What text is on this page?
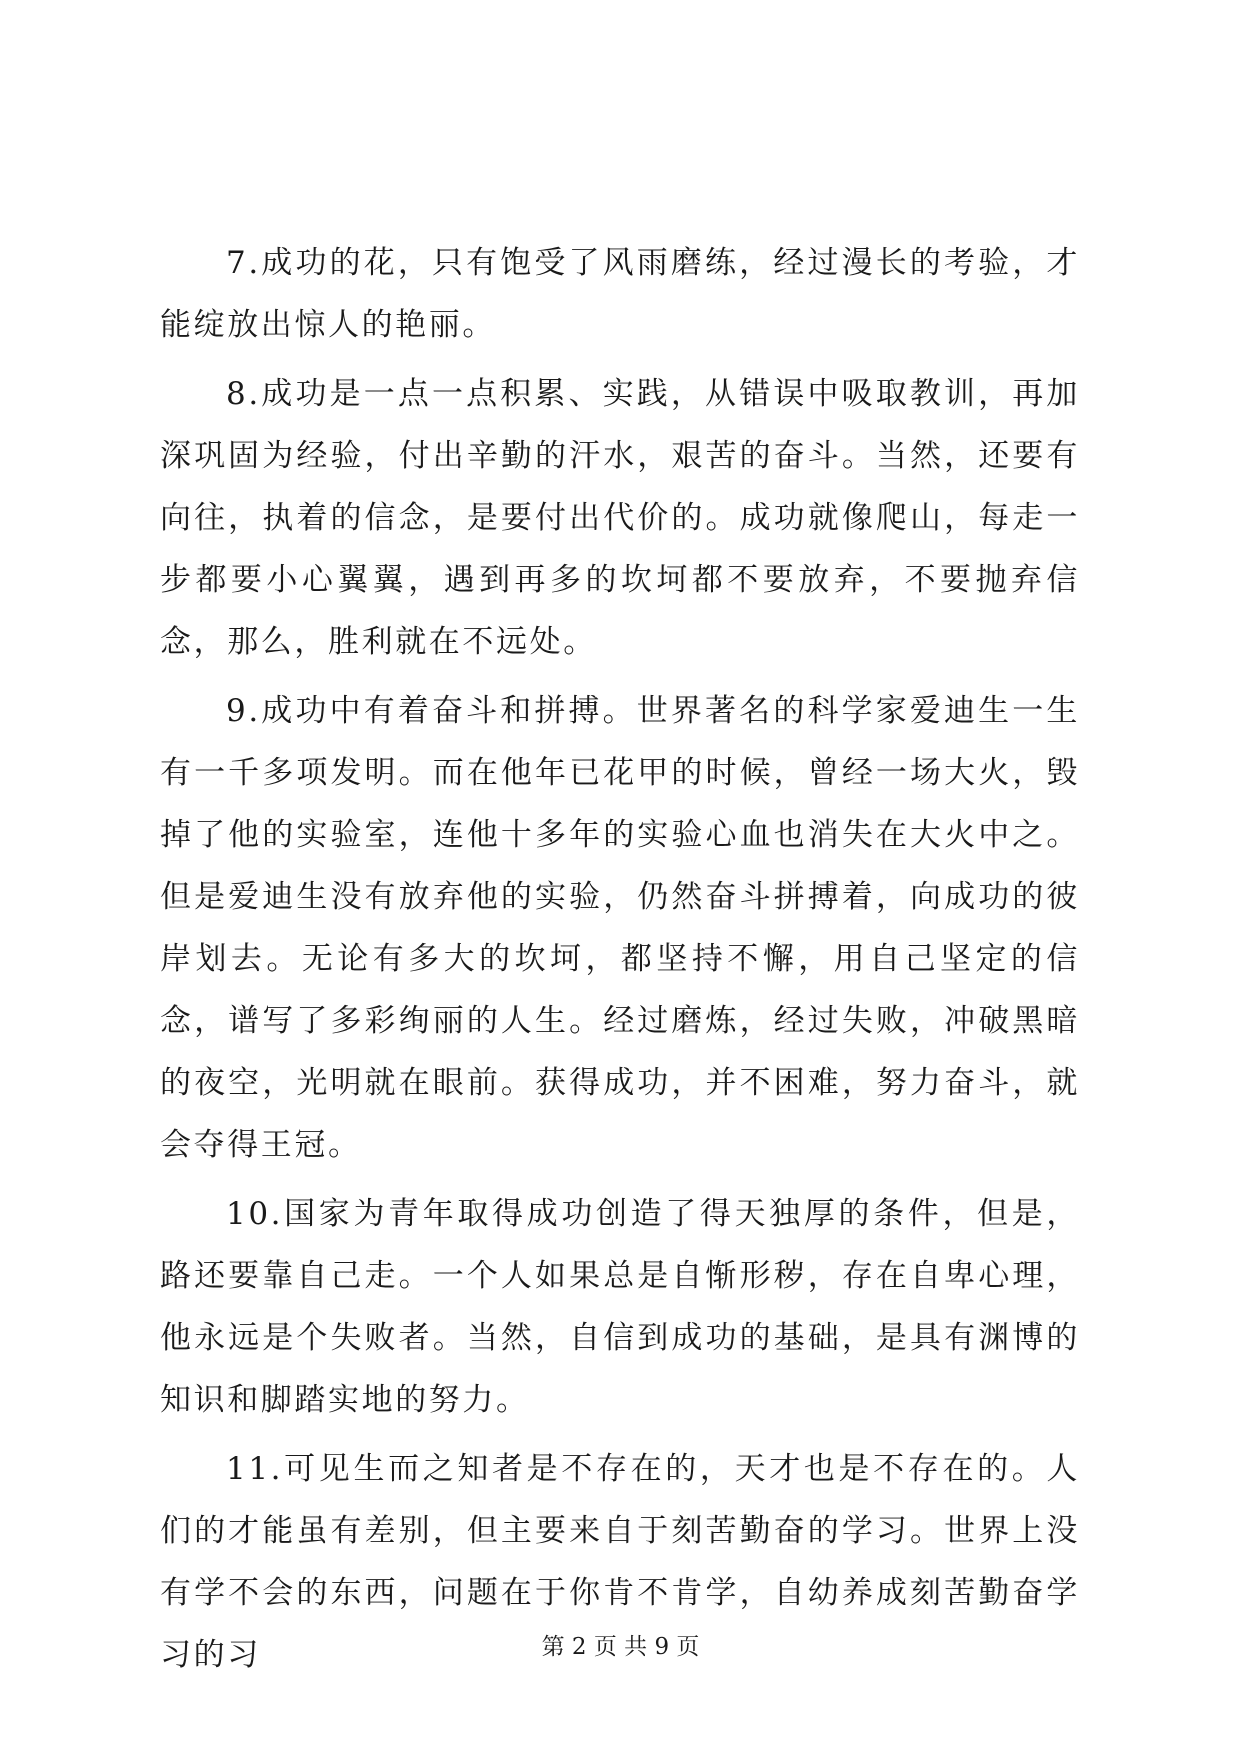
7.成功的花，只有饱受了风雨磨练，经过漫长的考验，才能绽放出惊人的艳丽。

8.成功是一点一点积累、实践，从错误中吸取教训，再加深巩固为经验，付出辛勤的汗水，艰苦的奋斗。当然，还要有向往，执着的信念，是要付出代价的。成功就像爬山，每走一步都要小心翼翼，遇到再多的坎坷都不要放弃，不要抛弃信念，那么，胜利就在不远处。

9.成功中有着奋斗和拼搏。世界著名的科学家爱迪生一生有一千多项发明。而在他年已花甲的时候，曾经一场大火，毁掉了他的实验室，连他十多年的实验心血也消失在大火中之。但是爱迪生没有放弃他的实验，仍然奋斗拼搏着，向成功的彼岸划去。无论有多大的坎坷，都坚持不懈，用自己坚定的信念，谱写了多彩绚丽的人生。经过磨炼，经过失败，冲破黑暗的夜空，光明就在眼前。获得成功，并不困难，努力奋斗，就会夺得王冠。

10.国家为青年取得成功创造了得天独厚的条件，但是，路还要靠自己走。一个人如果总是自惭形秽，存在自卑心理，他永远是个失败者。当然，自信到成功的基础，是具有渊博的知识和脚踏实地的努力。

11.可见生而之知者是不存在的，天才也是不存在的。人们的才能虽有差别，但主要来自于刻苦勤奋的学习。世界上没有学不会的东西，问题在于你肯不肯学，自幼养成刻苦勤奋学习的习	第 2 页 共 9 页
